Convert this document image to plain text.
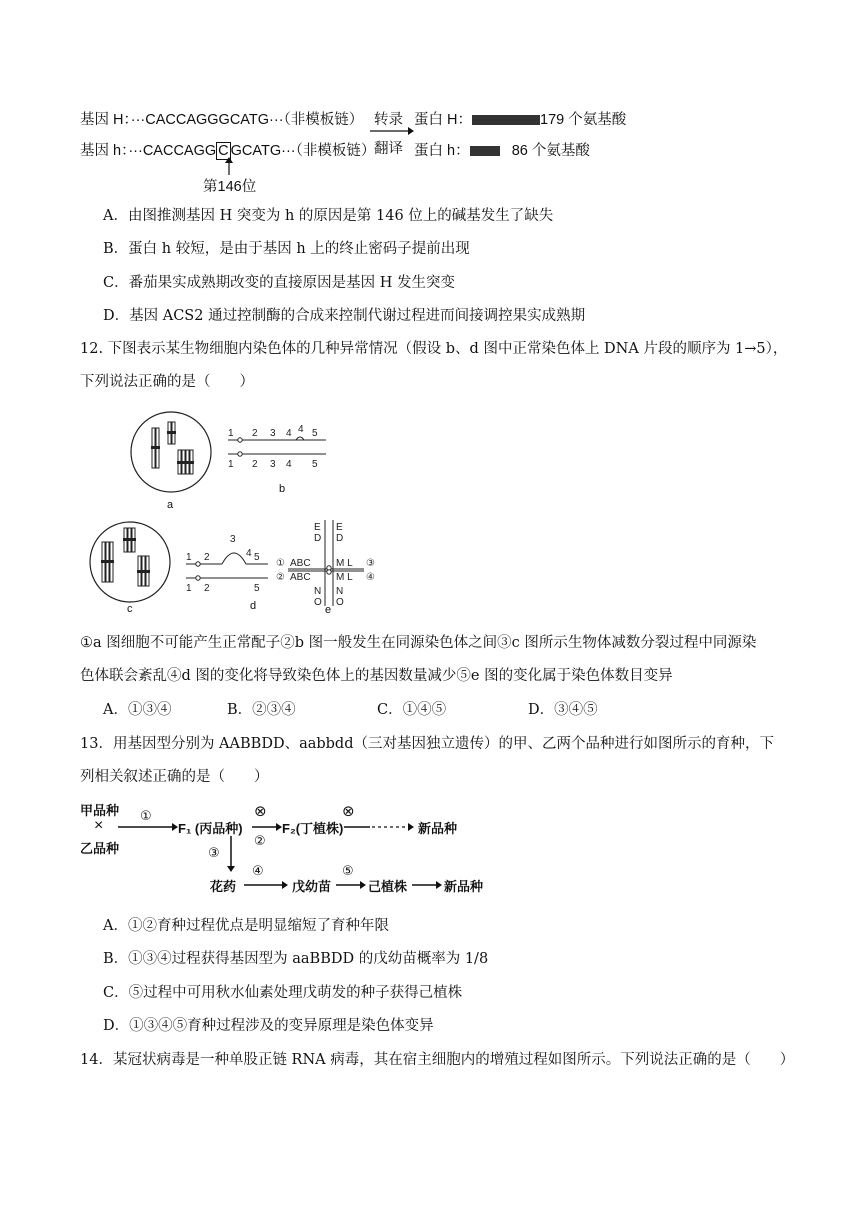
基因 H：···CACCAGGGCATG···（非模板链）
基因 h：···CACCAGG C GCATG···（非模板链）
转录
翻译
蛋白 H：	179 个氨基酸
蛋白 h：	86 个氨基酸
第146位
A．由图推测基因 H 突变为 h 的原因是第 146 位上的碱基发生了缺失
B．蛋白 h 较短，是由于基因 h 上的终止密码子提前出现
C．番茄果实成熟期改变的直接原因是基因 H 发生突变
D．基因 ACS2 通过控制酶的合成来控制代谢过程进而间接调控果实成熟期
12. 下图表示某生物细胞内染色体的几种异常情况（假设 b、d 图中正常染色体上 DNA 片段的顺序为 1→5），
下列说法正确的是（　　）
a
1 2 3 4 4 5
1 2 3 4 5
b
c
1 2
3
4 5
1 2	5
d
①
②
③
④
ABC
ABC
M L
M L
E
D
E
D
N
O
N
O
e
①a 图细胞不可能产生正常配子②b 图一般发生在同源染色体之间③c 图所示生物体减数分裂过程中同源染
色体联会紊乱④d 图的变化将导致染色体上的基因数量减少⑤e 图的变化属于染色体数目变异
A．①③④	B．②③④	C．①④⑤	D．③④⑤
13．用基因型分别为 AABBDD、aabbdd（三对基因独立遗传）的甲、乙两个品种进行如图所示的育种，下
列相关叙述正确的是（　　）
甲品种
×
乙品种
①
F₁ (丙品种)
⊗
②
F₂(丁植株)
⊗
新品种
③
花药
④
戊幼苗
⑤
己植株	新品种
A．①②育种过程优点是明显缩短了育种年限
B．①③④过程获得基因型为 aaBBDD 的戊幼苗概率为 1/8
C．⑤过程中可用秋水仙素处理戊萌发的种子获得己植株
D．①③④⑤育种过程涉及的变异原理是染色体变异
14．某冠状病毒是一种单股正链 RNA 病毒，其在宿主细胞内的增殖过程如图所示。下列说法正确的是（　　）
